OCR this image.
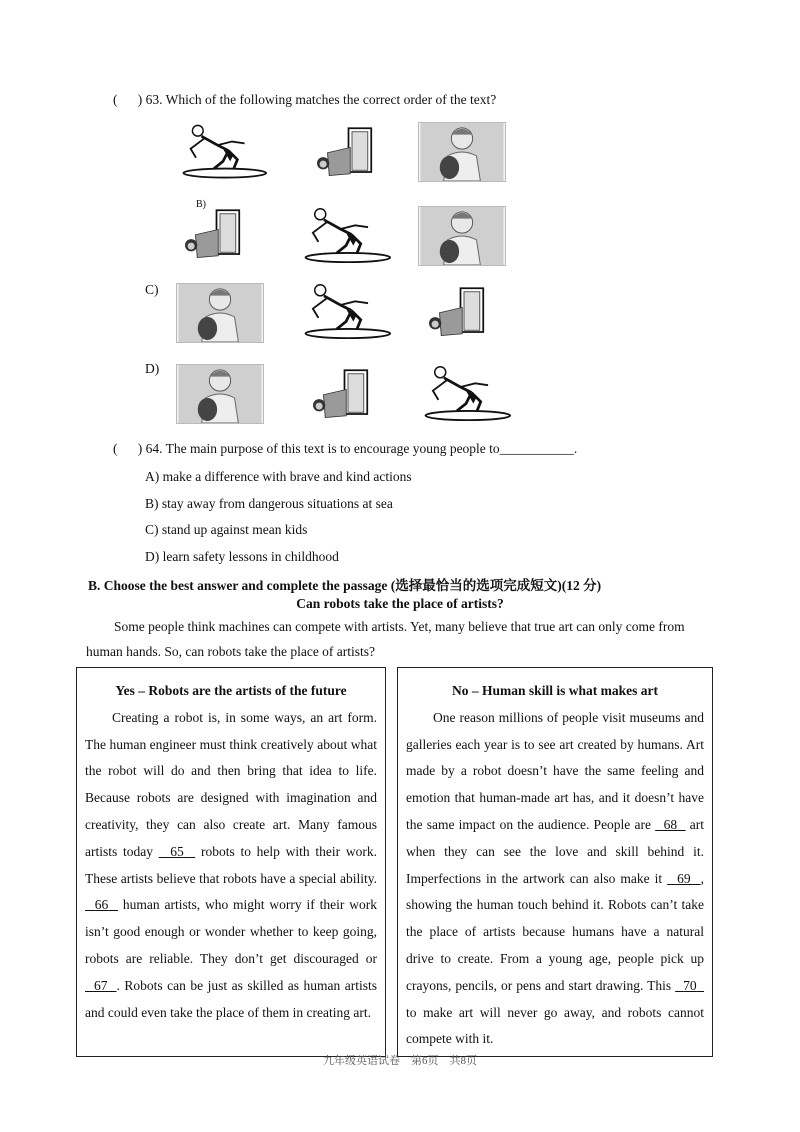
(      ) 63. Which of the following matches the correct order of the text?
B)
C)
D)
(      ) 64. The main purpose of this text is to encourage young people to___________.
A) make a difference with brave and kind actions
B) stay away from dangerous situations at sea
C) stand up against mean kids
D) learn safety lessons in childhood
B. Choose the best answer and complete the passage (选择最恰当的选项完成短文)(12 分)
Can robots take the place of artists?
Some people think machines can compete with artists. Yet, many believe that true art can only come from
human hands. So, can robots take the place of artists?

Yes – Robots are the artists of the future

Creating a robot is, in some ways, an art form. The human engineer must think creatively about what the robot will do and then bring that idea to life. Because robots are designed with imagination and creativity, they can also create art. Many famous artists today 65 robots to help with their work. These artists believe that robots have a special ability.   66 human artists, who might worry if their work isn’t good enough or wonder whether to keep going, robots are reliable. They don’t get discouraged or   67 . Robots can be just as skilled as human artists and could even take the place of them in creating art.

No – Human skill is what makes art

One reason millions of people visit museums and galleries each year is to see art created by humans. Art made by a robot doesn’t have the same feeling and emotion that human-made art has, and it doesn’t have the same impact on the audience. People are 68 art when they can see the love and skill behind it. Imperfections in the artwork can also make it 69 , showing the human touch behind it. Robots can’t take the place of artists because humans have a natural drive to create. From a young age, people pick up crayons, pencils, or pens and start drawing. This 70   to make art will never go away, and robots cannot compete with it.

九年级英语试卷    第6页    共8页
